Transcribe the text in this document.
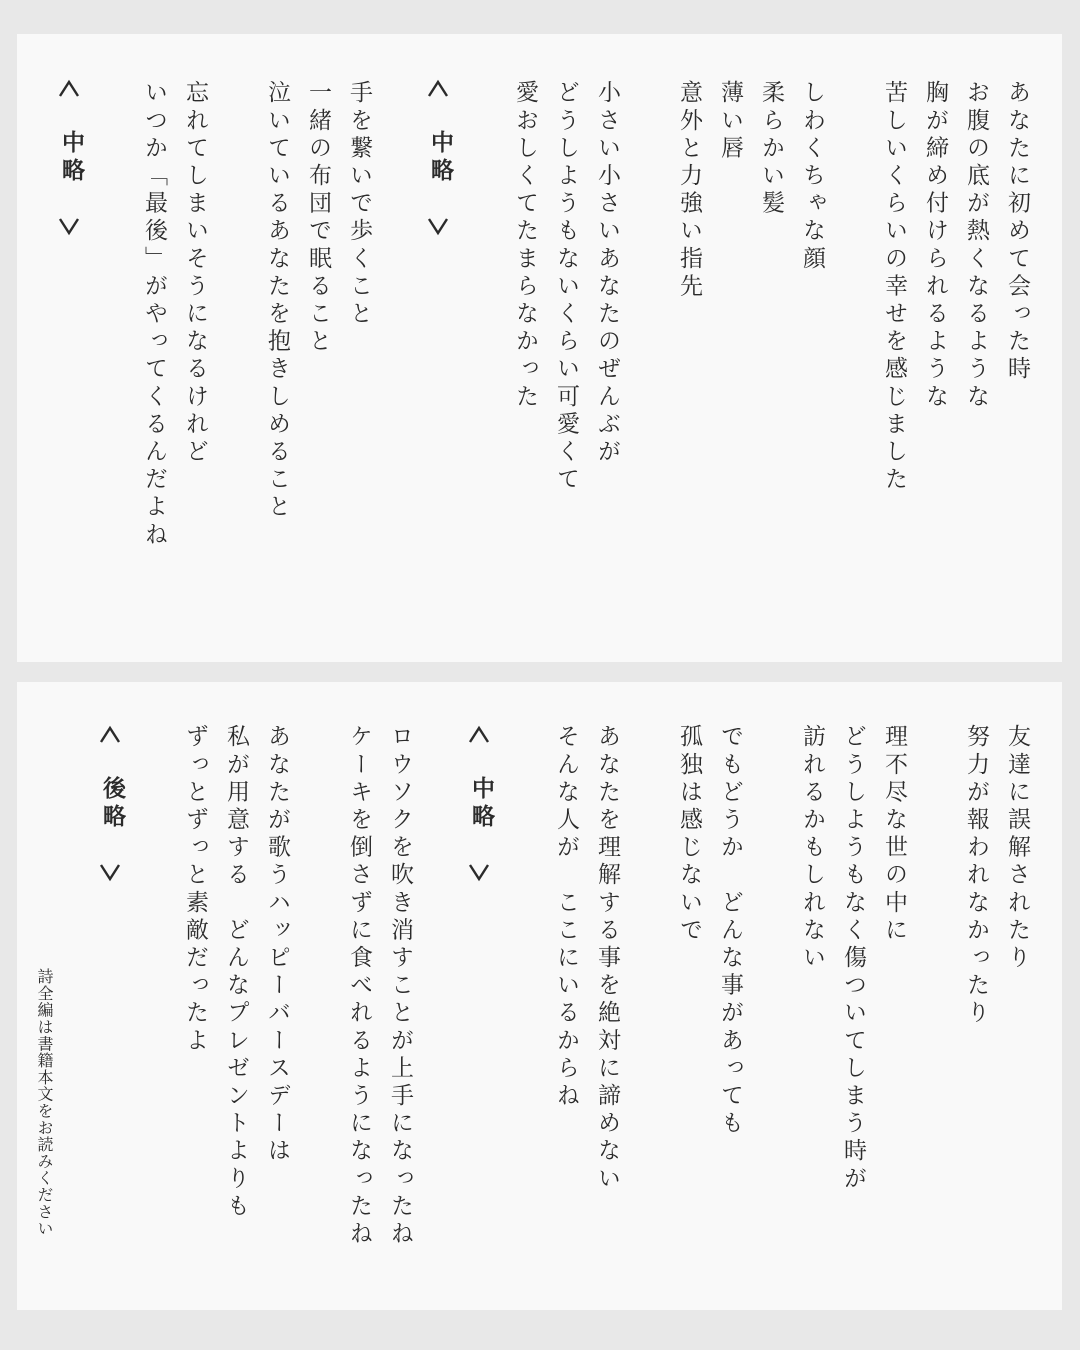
あなたに初めて会った時
お腹の底が熱くなるような
胸が締め付けられるような
苦しいくらいの幸せを感じました
しわくちゃな顔
柔らかい髪
薄い唇
意外と力強い指先
小さい小さいあなたのぜんぶが
どうしようもないくらい可愛くて
愛おしくてたまらなかった
中略
手を繋いで歩くこと
一緒の布団で眠ること
泣いているあなたを抱きしめること
忘れてしまいそうになるけれど
いつか「最後」がやってくるんだよね
中略
友達に誤解されたり
努力が報われなかったり
理不尽な世の中に
どうしようもなく傷ついてしまう時が
訪れるかもしれない
でもどうか　どんな事があっても
孤独は感じないで
あなたを理解する事を絶対に諦めない
そんな人が　ここにいるからね
中略
ロウソクを吹き消すことが上手になったね
ケーキを倒さずに食べれるようになったね
あなたが歌うハッピーバースデーは
私が用意する　どんなプレゼントよりも
ずっとずっと素敵だったよ
後略
詩全編は書籍本文をお読みください
